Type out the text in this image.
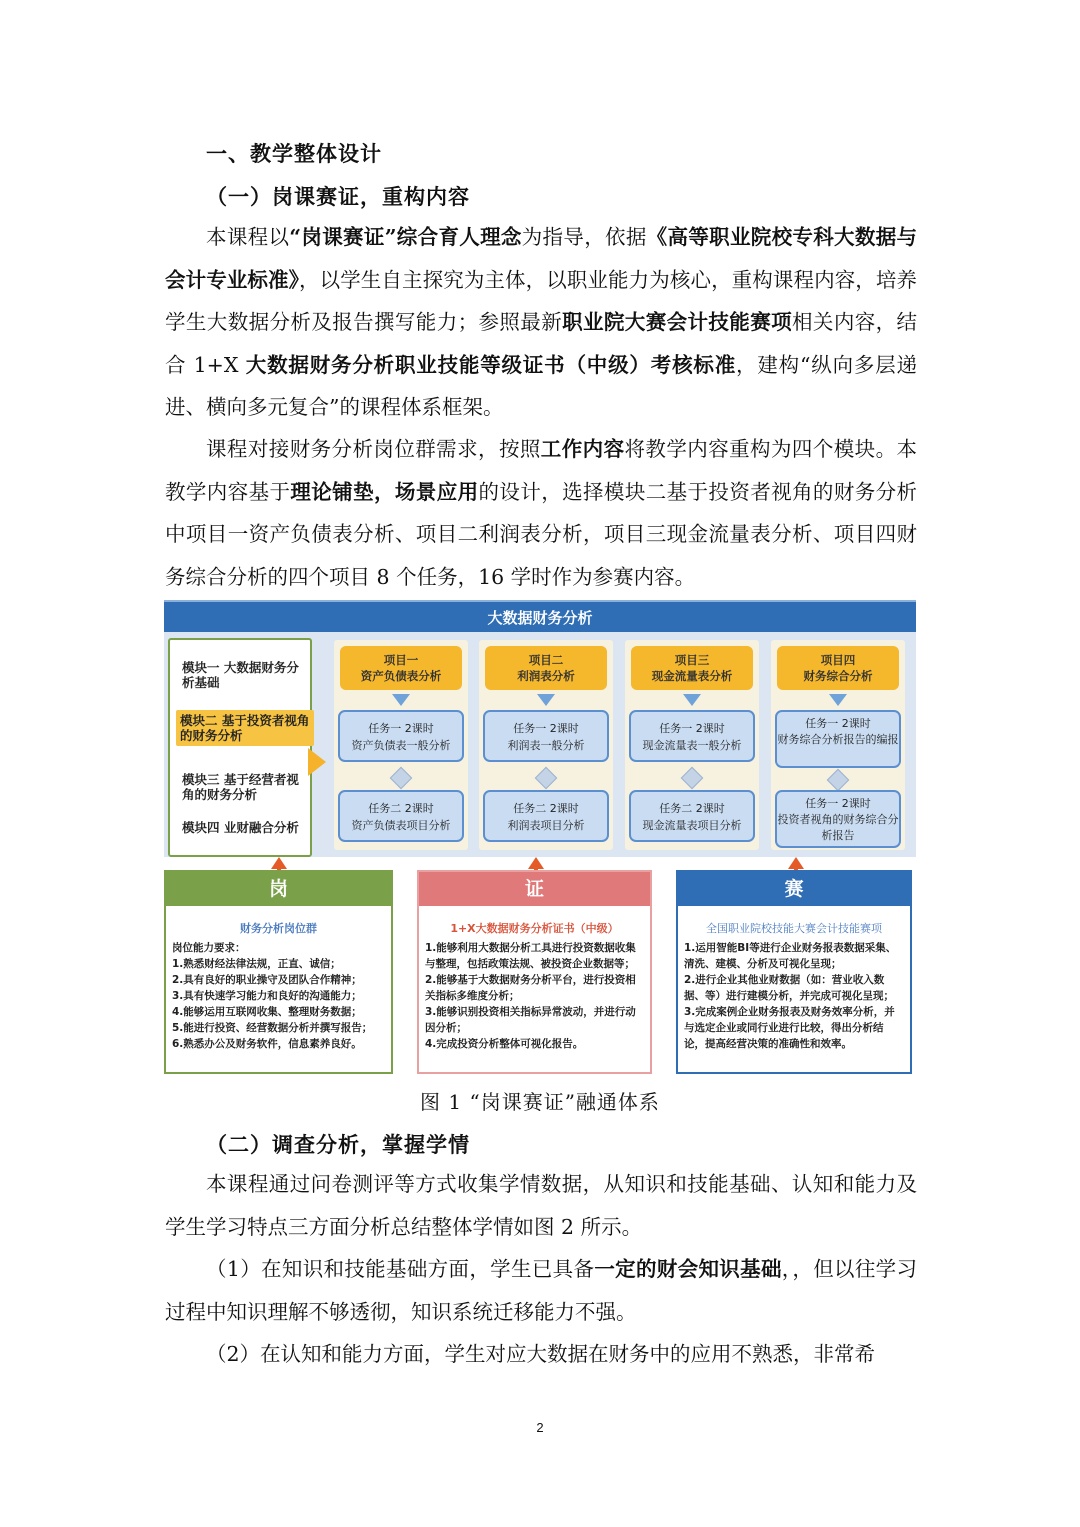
一、教学整体设计
（一）岗课赛证，重构内容
本课程以“岗课赛证”综合育人理念为指导，依据《高等职业院校专科大数据与会计专业标准》，以学生自主探究为主体，以职业能力为核心，重构课程内容，培养学生大数据分析及报告撰写能力；参照最新职业院大赛会计技能赛项相关内容，结合 1+X 大数据财务分析职业技能等级证书（中级）考核标准，建构“纵向多层递进、横向多元复合”的课程体系框架。
课程对接财务分析岗位群需求，按照工作内容将教学内容重构为四个模块。本教学内容基于理论铺垫，场景应用的设计，选择模块二基于投资者视角的财务分析中项目一资产负债表分析、项目二利润表分析，项目三现金流量表分析、项目四财务综合分析的四个项目 8 个任务，16 学时作为参赛内容。
大数据财务分析
模块一 大数据财务分析基础
模块二 基于投资者视角的财务分析
模块三 基于经营者视角的财务分析
模块四 业财融合分析
项目一
资产负债表分析
任务一 2课时
资产负债表一般分析
任务二 2课时
资产负债表项目分析
项目二
利润表分析
任务一 2课时
利润表一般分析
任务二 2课时
利润表项目分析
项目三
现金流量表分析
任务一 2课时
现金流量表一般分析
任务二 2课时
现金流量表项目分析
项目四
财务综合分析
任务一 2课时
财务综合分析报告的编报
任务一 2课时
投资者视角的财务综合分析报告
岗
财务分析岗位群
岗位能力要求：
1.熟悉财经法律法规，正直、诚信；
2.具有良好的职业操守及团队合作精神；
3.具有快速学习能力和良好的沟通能力；
4.能够运用互联网收集、整理财务数据；
5.能进行投资、经营数据分析并撰写报告；
6.熟悉办公及财务软件，信息素养良好。
证
1+X大数据财务分析证书（中级）
1.能够利用大数据分析工具进行投资数据收集与整理，包括政策法规、被投资企业数据等；
2.能够基于大数据财务分析平台，进行投资相关指标多维度分析；
3.能够识别投资相关指标异常波动，并进行动因分析；
4.完成投资分析整体可视化报告。
赛
全国职业院校技能大赛会计技能赛项
1.运用智能BI等进行企业财务报表数据采集、清洗、建模、分析及可视化呈现；
2.进行企业其他业财数据（如：营业收入数据、等）进行建模分析，并完成可视化呈现；
3.完成案例企业财务报表及财务效率分析，并与选定企业或同行业进行比较，得出分析结论，提高经营决策的准确性和效率。
图 1 “岗课赛证”融通体系
（二）调查分析，掌握学情
本课程通过问卷测评等方式收集学情数据，从知识和技能基础、认知和能力及学生学习特点三方面分析总结整体学情如图 2 所示。
（1）在知识和技能基础方面，学生已具备一定的财会知识基础，，但以往学习过程中知识理解不够透彻，知识系统迁移能力不强。
（2）在认知和能力方面，学生对应大数据在财务中的应用不熟悉，非常希
2
